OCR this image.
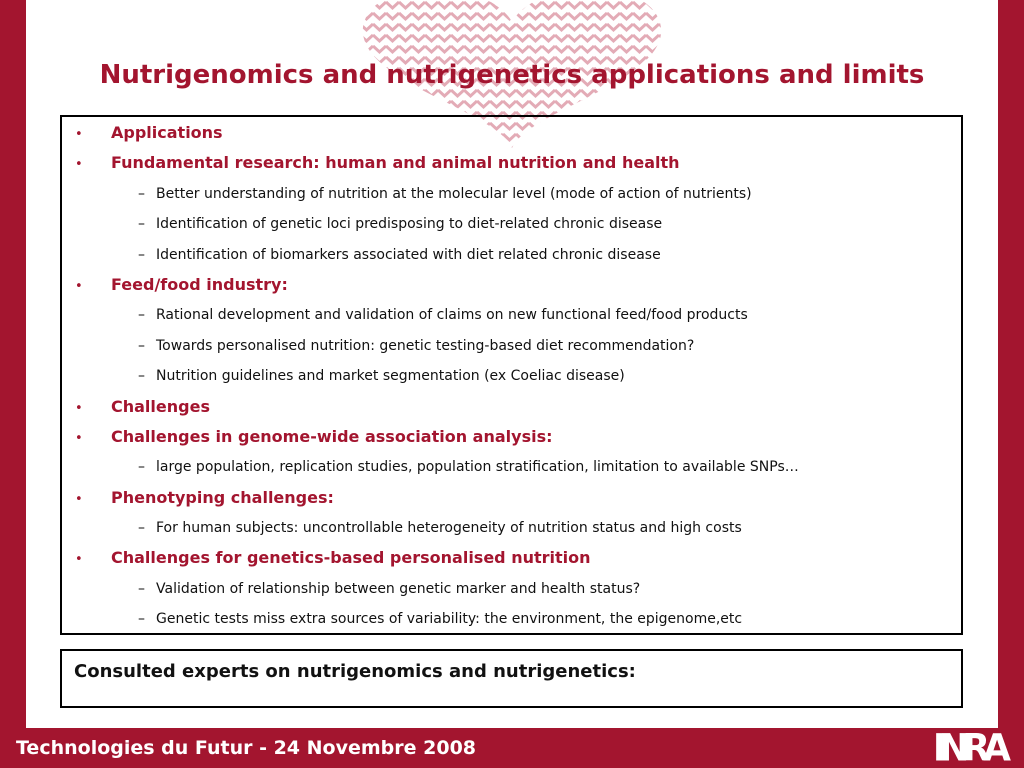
Nutrigenomics and nutrigenetics applications and limits
•	Applications
•	Fundamental research: human and animal nutrition and health
– Better understanding of nutrition at the molecular level (mode of action of nutrients)
– Identification of genetic loci predisposing to diet-related chronic disease
– Identification of biomarkers associated with diet related chronic disease
•	Feed/food industry:
– Rational development and validation of claims on new functional feed/food products
– Towards personalised nutrition: genetic testing-based diet recommendation?
– Nutrition guidelines and market segmentation (ex Coeliac disease)
•	Challenges
•	Challenges in genome-wide association analysis:
– large population, replication studies, population stratification, limitation to available SNPs…
•	Phenotyping challenges:
– For human subjects: uncontrollable heterogeneity of nutrition status and high costs
•	Challenges for genetics-based personalised nutrition
– Validation of relationship between genetic marker and health status?
– Genetic tests miss extra sources of variability: the environment, the epigenome,etc
Consulted experts on nutrigenomics and nutrigenetics:
Technologies du Futur - 24 Novembre 2008	INRA
